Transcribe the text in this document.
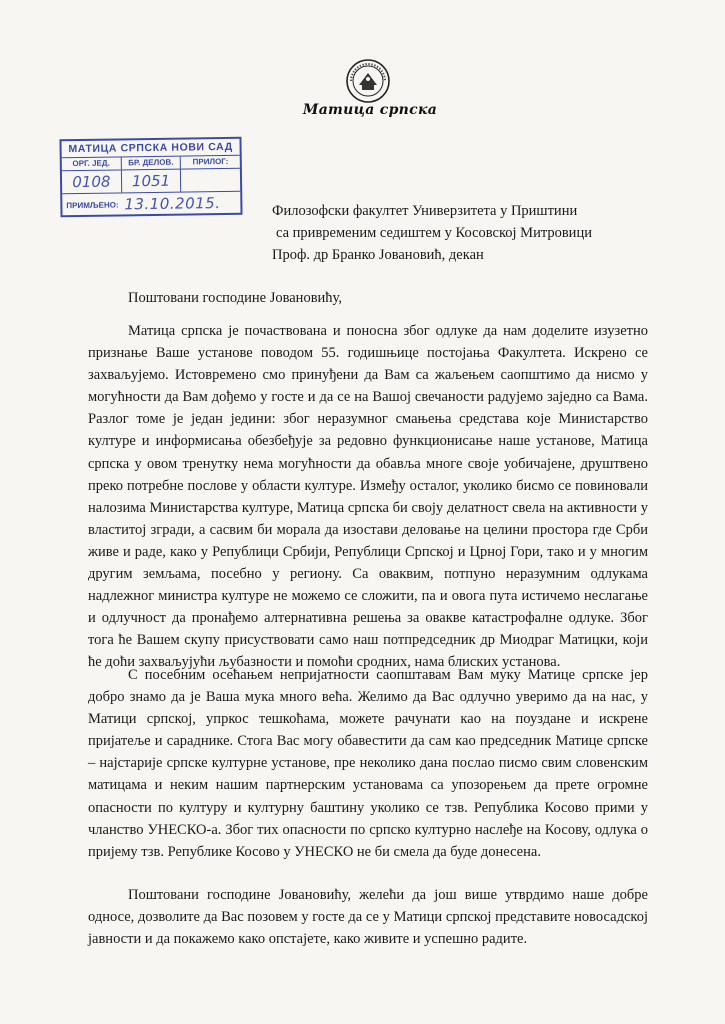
Матица српска
МАТИЦА СРПСКА НОВИ САД
ОРГ. ЈЕД.	БР. ДЕЛОВ.	ПРИЛОГ:
0108	1051
ПРИМЉЕНО: 13.10.2015.	Филозофски факултет Универзитета у Приштини
са привременим седиштем у Косовској Митровици
Проф. др Бранко Јовановић, декан
Поштовани господине Јовановићу,

Матица српска је почаствована и поносна због одлуке да нам доделите изузетно признање Ваше установе поводом 55. годишњице постојања Факултета. Искрено се захваљујемо. Истовремено смо принуђени да Вам са жаљењем саопштимо да нисмо у могућности да Вам дођемо у госте и да се на Вашој свечаности радујемо заједно са Вама. Разлог томе је један једини: због неразумног смањења средстава које Министарство културе и информисања обезбеђује за редовно функционисање наше установе, Матица српска у овом тренутку нема могућности да обавља многе своје уобичајене, друштвено преко потребне послове у области културе. Између осталог, уколико бисмо се повиновали налозима Министарства културе, Матица српска би своју делатност свела на активности у властитој згради, а сасвим би морала да изостави деловање на целини простора где Срби живе и раде, како у Републици Србији, Републици Српској и Црној Гори, тако и у многим другим земљама, посебно у региону. Са оваквим, потпуно неразумним одлукама надлежног министра културе не можемо се сложити, па и овога пута истичемо неслагање и одлучност да пронађемо алтернативна решења за овакве катастрофалне одлуке. Због тога ће Вашем скупу присуствовати само наш потпредседник др Миодраг Матицки, који ће доћи захваљујући љубазности и помоћи сродних, нама блиских установа.

С посебним осећањем непријатности саопштавам Вам муку Матице српске јер добро знамо да је Ваша мука много већа. Желимо да Вас одлучно уверимо да на нас, у Матици српској, упркос тешкоћама, можете рачунати као на поуздане и искрене пријатеље и сараднике. Стога Вас могу обавестити да сам као председник Матице српске – најстарије српске културне установе, пре неколико дана послао писмо свим словенским матицама и неким нашим партнерским установама са упозорењем да прете огромне опасности по културу и културну баштину уколико се тзв. Република Косово прими у чланство УНЕСКО-а. Због тих опасности по српско културно наслеђе на Косову, одлука о пријему тзв. Републике Косово у УНЕСКО не би смела да буде донесена.

Поштовани господине Јовановићу, желећи да још више утврдимо наше добре односе, дозволите да Вас позовем у госте да се у Матици српској представите новосадској јавности и да покажемо како опстајете, како живите и успешно радите.
